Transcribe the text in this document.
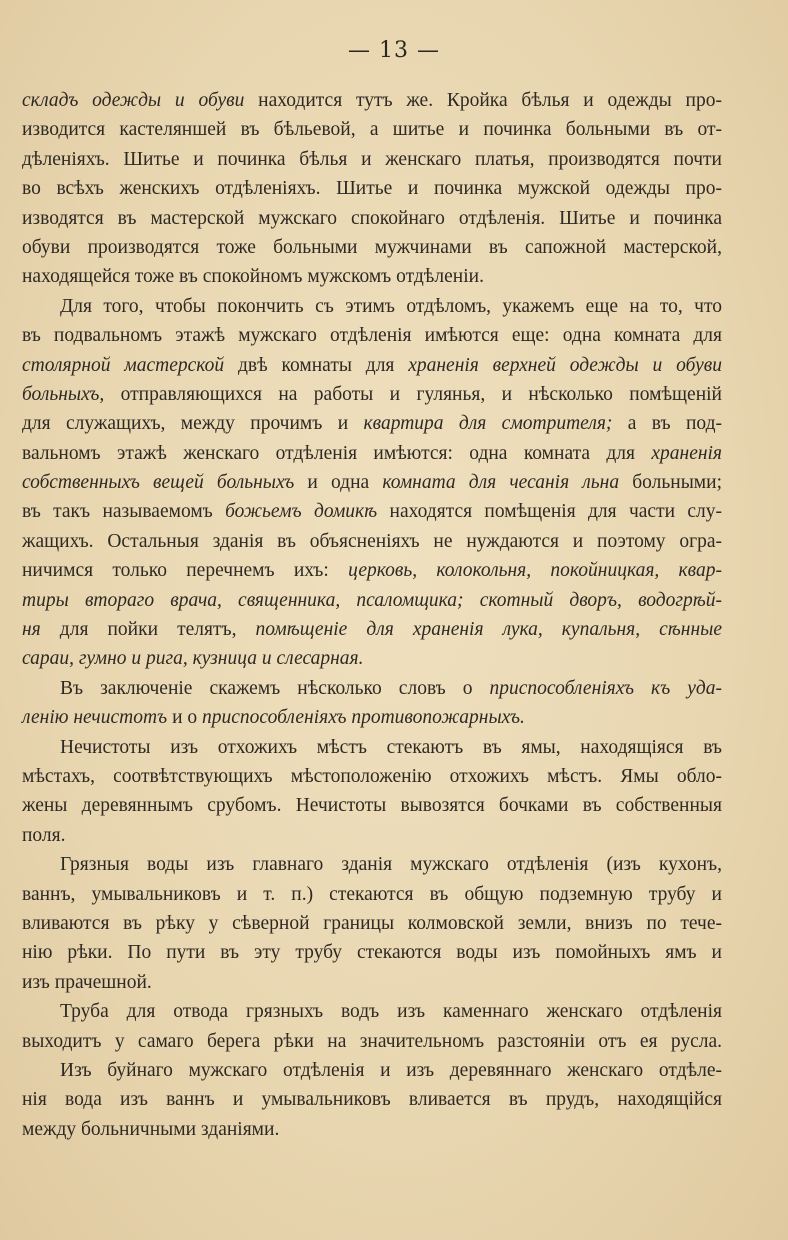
— 13 —
складъ одежды и обуви находится тутъ же. Кройка бѣлья и одежды про-
изводится кастеляншей въ бѣльевой, а шитье и починка больными въ от-
дѣленіяхъ. Шитье и починка бѣлья и женскаго платья, производятся почти
во всѣхъ женскихъ отдѣленіяхъ. Шитье и починка мужской одежды про-
изводятся въ мастерской мужскаго спокойнаго отдѣленія. Шитье и починка
обуви производятся тоже больными мужчинами въ сапожной мастерской,
находящейся тоже въ спокойномъ мужскомъ отдѣленіи.
Для того, чтобы покончить съ этимъ отдѣломъ, укажемъ еще на то, что
въ подвальномъ этажѣ мужскаго отдѣленія имѣются еще: одна комната для
столярной мастерской двѣ комнаты для храненія верхней одежды и обуви
больныхъ, отправляющихся на работы и гулянья, и нѣсколько помѣщеній
для служащихъ, между прочимъ и квартира для смотрителя; а въ под-
вальномъ этажѣ женскаго отдѣленія имѣются: одна комната для храненія
собственныхъ вещей больныхъ и одна комната для чесанія льна больными;
въ такъ называемомъ божьемъ домикѣ находятся помѣщенія для части слу-
жащихъ. Остальныя зданія въ объясненіяхъ не нуждаются и поэтому огра-
ничимся только перечнемъ ихъ: церковь, колокольня, покойницкая, квар-
тиры втораго врача, священника, псаломщика; скотный дворъ, водогрѣй-
ня для пойки телятъ, помѣщеніе для храненія лука, купальня, сѣнные
сараи, гумно и рига, кузница и слесарная.
Въ заключеніе скажемъ нѣсколько словъ о приспособленіяхъ къ уда-
ленію нечистотъ и о приспособленіяхъ противопожарныхъ.
Нечистоты изъ отхожихъ мѣстъ стекаютъ въ ямы, находящіяся въ
мѣстахъ, соотвѣтствующихъ мѣстоположенію отхожихъ мѣстъ. Ямы обло-
жены деревяннымъ срубомъ. Нечистоты вывозятся бочками въ собственныя
поля.
Грязныя воды изъ главнаго зданія мужскаго отдѣленія (изъ кухонъ,
ваннъ, умывальниковъ и т. п.) стекаются въ общую подземную трубу и
вливаются въ рѣку у сѣверной границы колмовской земли, внизъ по тече-
нію рѣки. По пути въ эту трубу стекаются воды изъ помойныхъ ямъ и
изъ прачешной.
Труба для отвода грязныхъ водъ изъ каменнаго женскаго отдѣленія
выходитъ у самаго берега рѣки на значительномъ разстояніи отъ ея русла.
Изъ буйнаго мужскаго отдѣленія и изъ деревяннаго женскаго отдѣле-
нія вода изъ ваннъ и умывальниковъ вливается въ прудъ, находящійся
между больничными зданіями.
